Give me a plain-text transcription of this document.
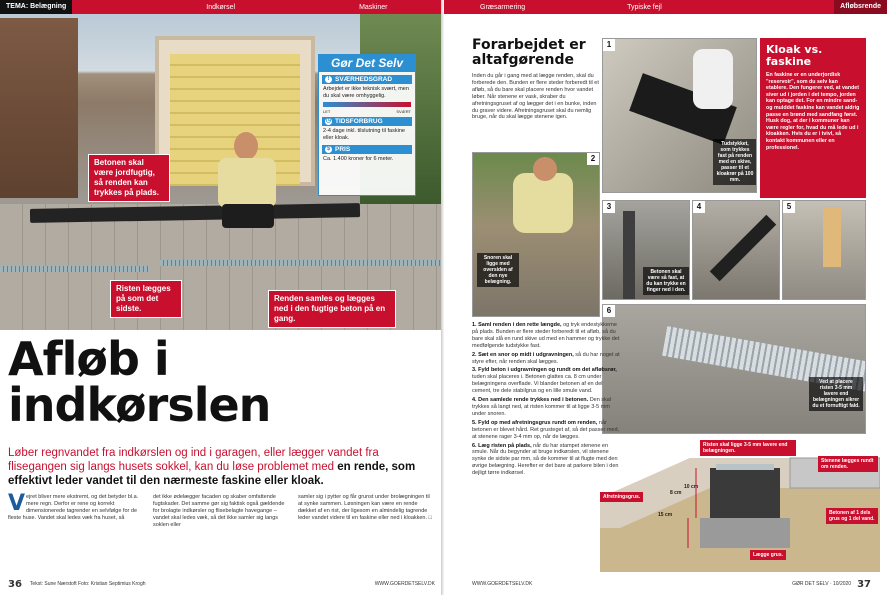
TEMA: Belægning	Indkørsel	Maskiner
Betonen skal være jordfugtig, så renden kan trykkes på plads.
Risten lægges på som det sidste.
Renden samles og lægges ned i den fugtige beton på en gang.
Gør Det Selv
! SVÆRHEDSGRAD
Arbejdet er ikke teknisk svært, men du skal være omhyggelig.
LET	SVÆRT
◷ TIDSFORBRUG
2-4 dage inkl. tilslutning til faskine eller kloak.
$ PRIS
Ca. 1.400 kroner for 6 meter.
Afløb i
indkørslen
Løber regnvandet fra indkørslen og ind i garagen, eller lægger vandet fra flisegangen sig langs husets sokkel, kan du løse problemet med en rende, som effektivt leder vandet til den nærmeste faskine eller kloak.
Vejret bliver mere ekstremt, og det betyder bl.a. mere regn. Derfor er rene og korrekt dimensionerede tagrender en selvfølge for de fleste huse. Vandet skal ledes væk fra huset, så
det ikke ødelægger facaden og skaber omfattende fugtskader. Det samme gør sig faktisk også gældende for brolagte indkørsler og flisebelagte havegange – vandet skal ledes væk, så det ikke samler sig langs soklen eller
samler sig i pytter og får grunst under brolægningen til at synke sammen. Løsningen kan være en rende dækket af en rist, der ligesom en almindelig tagrende leder vandet videre til en faskine eller ned i kloakken. □
36 Tekst: Sune Nærstoft Foto: Kristian Septimius Krogh	WWW.GOERDETSELV.DK
Græsarmering	Typiske fejl	Afløbsrende
Forarbejdet er
altafgørende
Inden du går i gang med at lægge renden, skal du forberede den. Bunden er flere steder forberedt til et afløb, så du bare skal placere renden hvor vandet løber. Når stenene er vask, skraber du afretningsgruset af og lægger det i en bunke, inden du graver videre. Afretningsgruset skal du nemlig bruge, når du skal lægge stenene igen.
1
Tudstykket, som trykkes fast på renden med en skive, passer til et kloakrør på 100 mm.
2
Snoren skal ligge med oversiden af den nye belægning.
3
Betonen skal være så fast, at du kan trykke en finger ned i den.
4	5
6
Ved at placere risten 3-5 mm lavere end belægningen sikrer du et fornuftigt fald.
Kloak vs. faskine

En faskine er en underjordisk "reservoir", som du selv kan etablere. Den fungerer ved, at vandet siver ud i jorden i det tempo, jorden kan optage det. For en mindre sand- og mulddet faskine kan vandet aldrig passe en brønd med sandfang først. Husk dog, at der i kommuner kan være regler for, hvad du må lede ud i kloakken. Hvis du er i tvivl, så kontakt kommunen eller en professionel.

1. Saml renden i den rette længde, og tryk endestykkerne på plads. Bunden er flere steder forberedt til et afløb, så du bare skal slå en rund skive ud med en hammer og trykke det medfølgende tudstykke fast.

2. Sæt en snor op midt i udgravningen, så du har noget at styre efter, når renden skal lægges.

3. Fyld beton i udgravningen og rundt om det afløbsrør, tuden skal placeres i. Betonen glattes ca. 8 cm under belægningens overflade. Vi blander betonen af en del cement, tre dele stabilgrus og en lille smule vand.

4. Den samlede rende trykkes ned i betonen. Den skal trykkes så langt ned, at risten kommer til at ligge 3-5 mm under snoren.

5. Fyld op med afretningsgrus rundt om renden, når betonen er blevet hård. Ret grusteget af, så det passer med, at stenene rager 3-4 mm op, når de lægges.

6. Læg risten på plads, når du har stampet stenene en smule. Når du begynder at bruge indkørslen, vil stenene synke de sidste par mm, så de kommer til at flugte med den øvrige belægning. Herefter er det bare at parkere bilen i den dejligt tørre indkørsel.

Risten skal ligge 3-5 mm lavere end belægningen.
Stenene lægges rundt om renden.
Betonen af 1 dels grus og 1 del vand.
Afretningsgrus.
Lægge grus.
8 cm
10 cm
15 cm
WWW.GOERDETSELV.DK	GØR DET SELV · 10/2020 37
